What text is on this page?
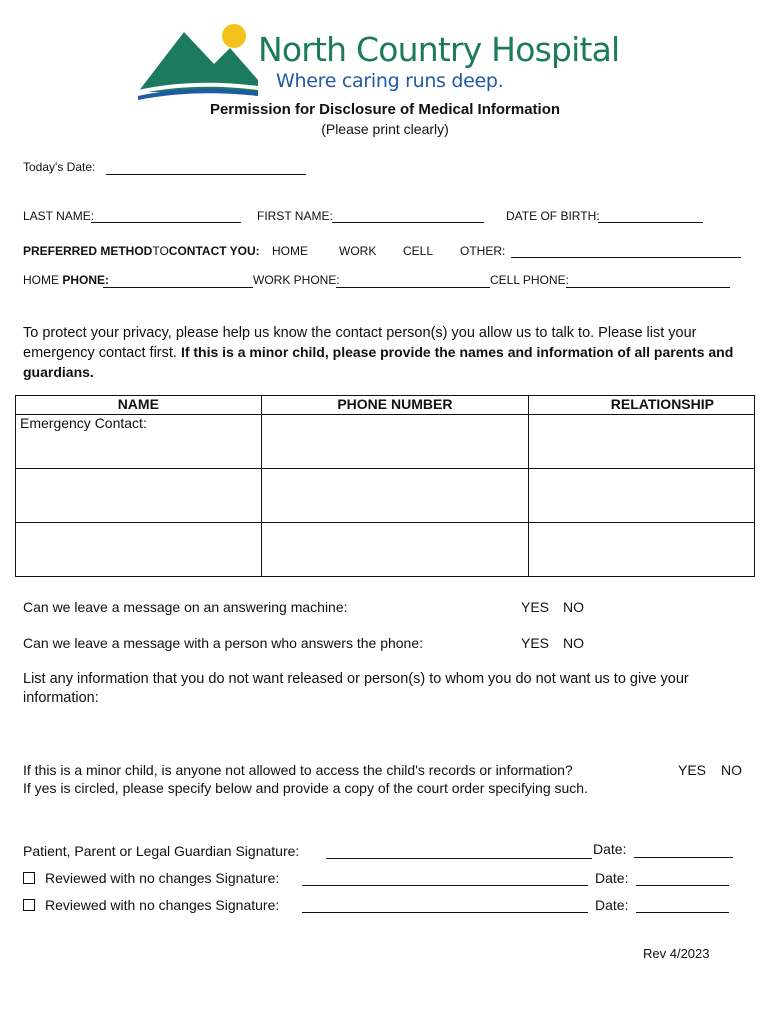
North Country Hospital
Where caring runs deep.
Permission for Disclosure of Medical Information
(Please print clearly)
Today's Date:
LAST NAME:	FIRST NAME:	DATE OF BIRTH:
PREFERRED METHODTOCONTACT YOU: HOME	WORK CELL OTHER:
HOME PHONE:	WORK PHONE:	CELL PHONE:
To protect your privacy, please help us know the contact person(s) you allow us to talk to. Please list your emergency contact first. If this is a minor child, please provide the names and information of all parents and guardians.
NAME	PHONE NUMBER	RELATIONSHIP
Emergency Contact:		

Can we leave a message on an answering machine:	YES NO
Can we leave a message with a person who answers the phone:	YES NO
List any information that you do not want released or person(s) to whom you do not want us to give your information:
If this is a minor child, is anyone not allowed to access the child's records or information?	YES NO
If yes is circled, please specify below and provide a copy of the court order specifying such.
Patient, Parent or Legal Guardian Signature:	Date:
Reviewed with no changes Signature:	Date:
Reviewed with no changes Signature:	Date:
Rev 4/2023
